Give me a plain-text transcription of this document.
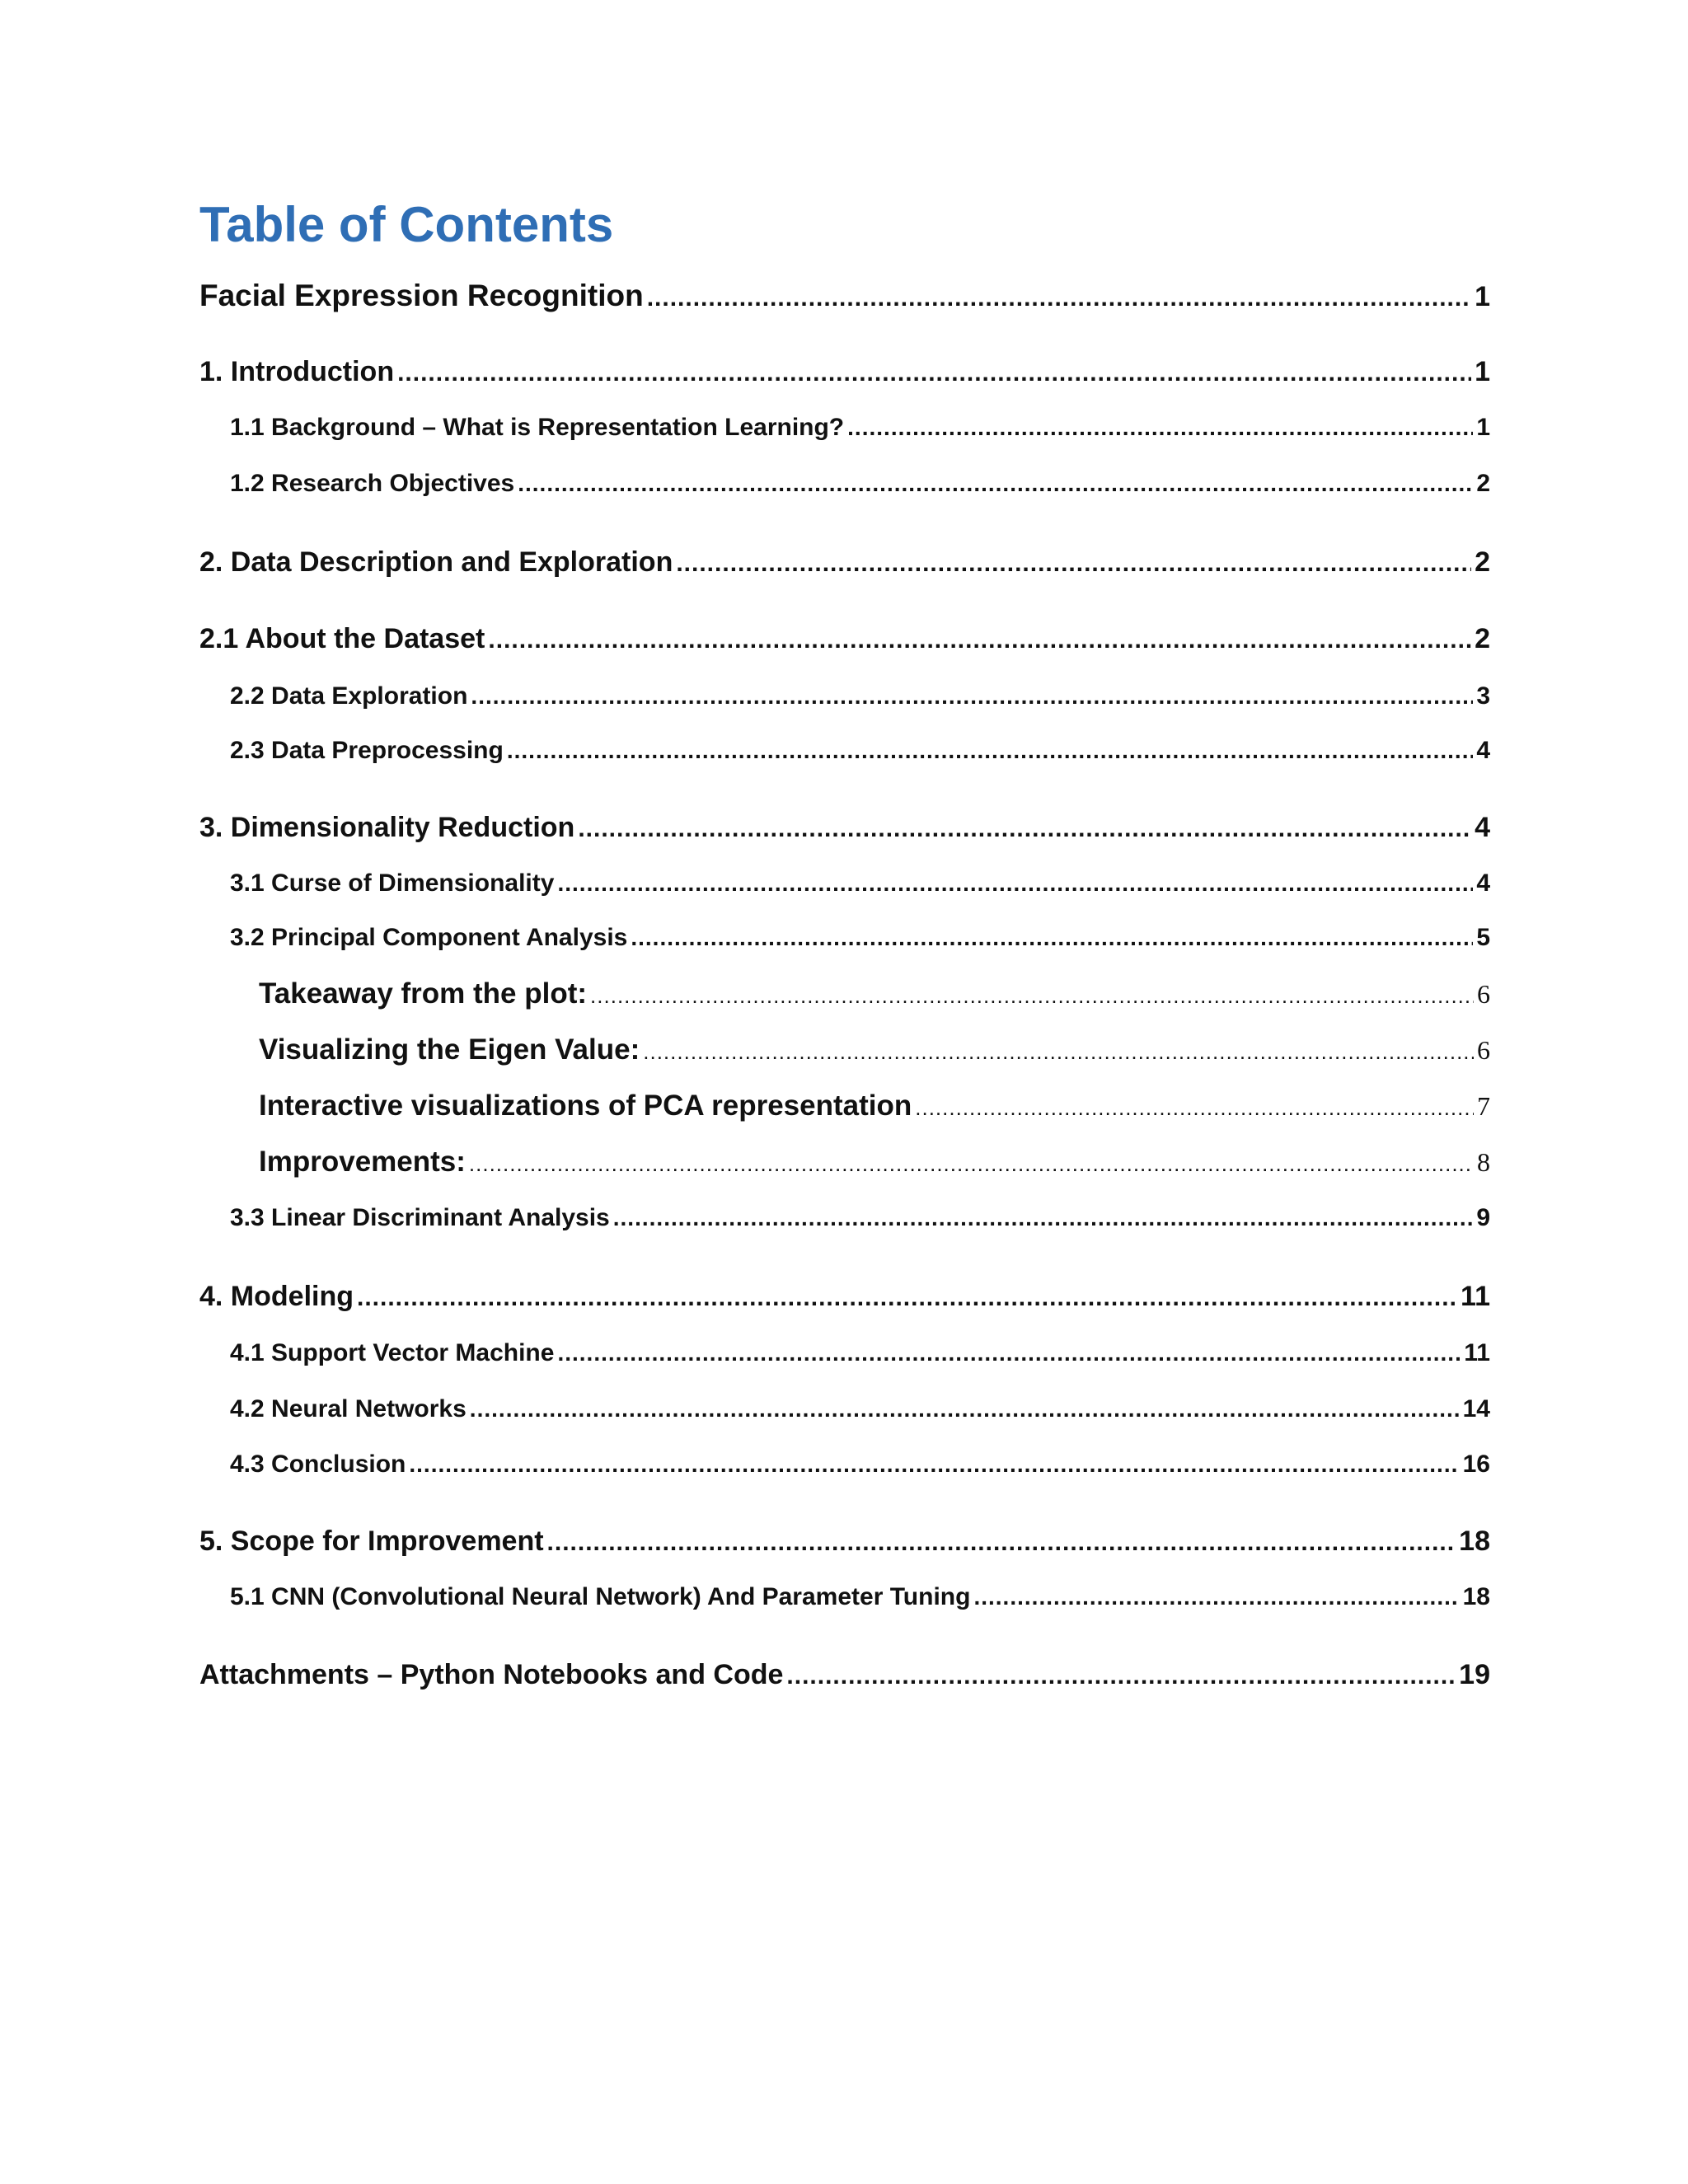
Table of Contents
Facial Expression Recognition .....	1
1. Introduction .....	1
1.1 Background – What is Representation Learning? .....	1
1.2 Research Objectives .....	2
2. Data Description and Exploration .....	2
2.1 About the Dataset .....	2
2.2 Data Exploration .....	3
2.3 Data Preprocessing .....	4
3. Dimensionality Reduction .....	4
3.1 Curse of Dimensionality .....	4
3.2 Principal Component Analysis .....	5
Takeaway from the plot: .....	6
Visualizing the Eigen Value: .....	6
Interactive visualizations of PCA representation .....	7
Improvements: .....	8
3.3 Linear Discriminant Analysis .....	9
4. Modeling .....	11
4.1 Support Vector Machine .....	11
4.2 Neural Networks .....	14
4.3 Conclusion .....	16
5. Scope for Improvement .....	18
5.1 CNN (Convolutional Neural Network) And Parameter Tuning .....	18
Attachments – Python Notebooks and Code .....	19
